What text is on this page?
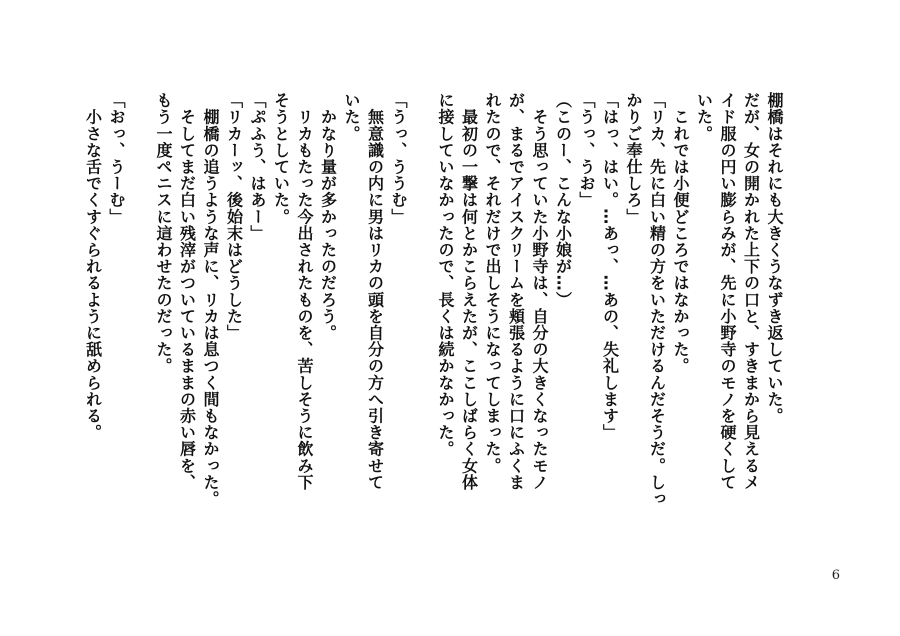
棚橋はそれにも大きくうなずき返していた。
だが、女の開かれた上下の口と、すきまから見えるメ
イド服の円い膨らみが、先に小野寺のモノを硬くして
いた。
　これでは小便どころではなかった。
「リカ、先に白い精の方をいただけるんだそうだ。しっ
かりご奉仕しろ」
「はっ、はい。…あっ、…あの、失礼します」
「うっ、うお」
（このー、こんな小娘が…）
　そう思っていた小野寺は、自分の大きくなったモノ
が、まるでアイスクリームを頬張るように口にふくま
れたので、それだけで出しそうになってしまった。
　最初の一撃は何とかこらえたが、ここしばらく女体
に接していなかったので、長くは続かなかった。
「うっ、ううむ」
　無意識の内に男はリカの頭を自分の方へ引き寄せて
いた。
　かなり量が多かったのだろう。
　リカもたった今出されたものを、苦しそうに飲み下
そうとしていた。
「ぷふう、はあー」
「リカーッ、後始末はどうした」
　棚橋の追うような声に、リカは息つく間もなかった。
　そしてまだ白い残滓がついているままの赤い唇を、
もう一度ペニスに這わせたのだった。
「おっ、うーむ」
　小さな舌でくすぐられるように舐められる。
6
